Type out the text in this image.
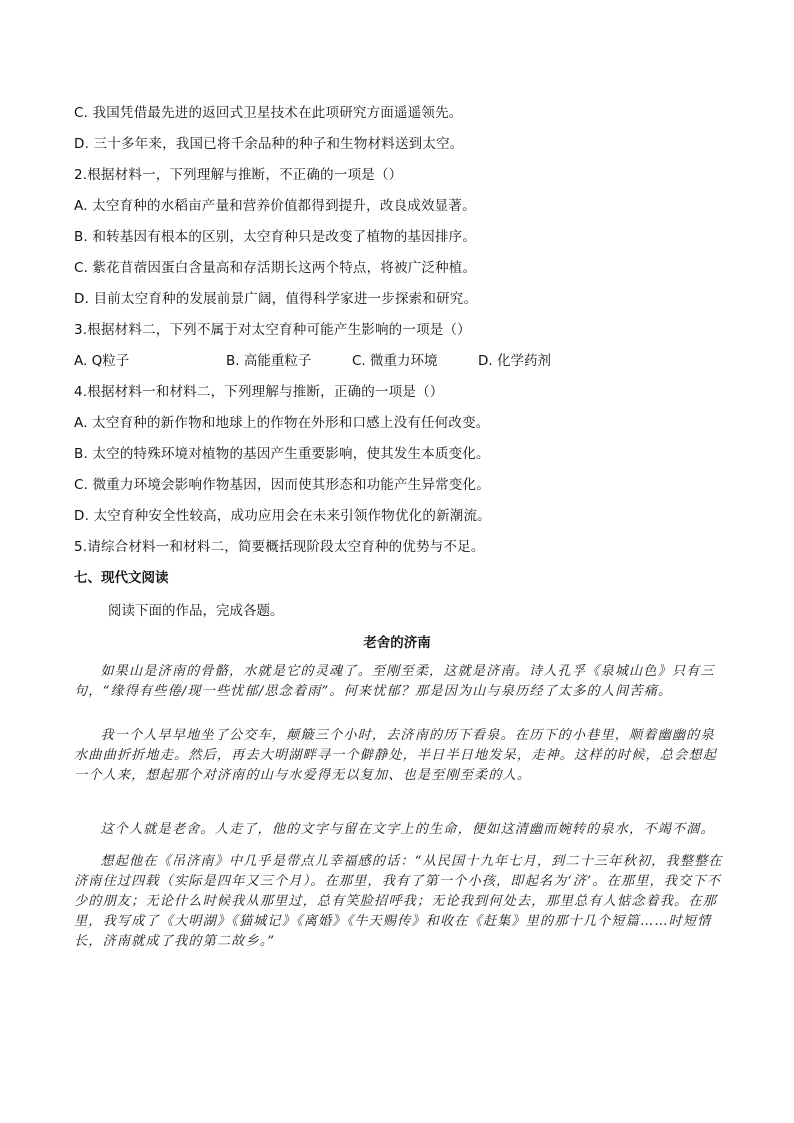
C. 我国凭借最先进的返回式卫星技术在此项研究方面遥遥领先。
D. 三十多年来，我国已将千余品种的种子和生物材料送到太空。
2.根据材料一，下列理解与推断，不正确的一项是（）
A. 太空育种的水稻亩产量和营养价值都得到提升，改良成效显著。
B. 和转基因有根本的区别，太空育种只是改变了植物的基因排序。
C. 紫花苜蓿因蛋白含量高和存活期长这两个特点，将被广泛种植。
D. 目前太空育种的发展前景广阔，值得科学家进一步探索和研究。
3.根据材料二，下列不属于对太空育种可能产生影响的一项是（）
A. Q粒子	B. 高能重粒子	C. 微重力环境	D. 化学药剂
4.根据材料一和材料二，下列理解与推断，正确的一项是（）
A. 太空育种的新作物和地球上的作物在外形和口感上没有任何改变。
B. 太空的特殊环境对植物的基因产生重要影响，使其发生本质变化。
C. 微重力环境会影响作物基因，因而使其形态和功能产生异常变化。
D. 太空育种安全性较高，成功应用会在未来引领作物优化的新潮流。
5.请综合材料一和材料二，简要概括现阶段太空育种的优势与不足。
七、现代文阅读
阅读下面的作品，完成各题。
老舍的济南

如果山是济南的骨骼，水就是它的灵魂了。至刚至柔，这就是济南。诗人孔孚《泉城山色》只有三句，“缘得有些倦/现一些忧郁/思念着雨”。何来忧郁？那是因为山与泉历经了太多的人间苦痛。

我一个人早早地坐了公交车，颠簸三个小时，去济南的历下看泉。在历下的小巷里，顺着幽幽的泉水曲曲折折地走。然后，再去大明湖畔寻一个僻静处，半日半日地发呆，走神。这样的时候，总会想起一个人来，想起那个对济南的山与水爱得无以复加、也是至刚至柔的人。

这个人就是老舍。人走了，他的文字与留在文字上的生命，便如这清幽而婉转的泉水，不竭不涸。

想起他在《吊济南》中几乎是带点儿幸福感的话：“从民国十九年七月，到二十三年秋初，我整整在济南住过四载（实际是四年又三个月）。在那里，我有了第一个小孩，即起名为‘济’。在那里，我交下不少的朋友；无论什么时候我从那里过，总有笑脸招呼我；无论我到何处去，那里总有人惦念着我。在那里，我写成了《大明湖》《猫城记》《离婚》《牛天赐传》和收在《赶集》里的那十几个短篇……时短情长，济南就成了我的第二故乡。”
